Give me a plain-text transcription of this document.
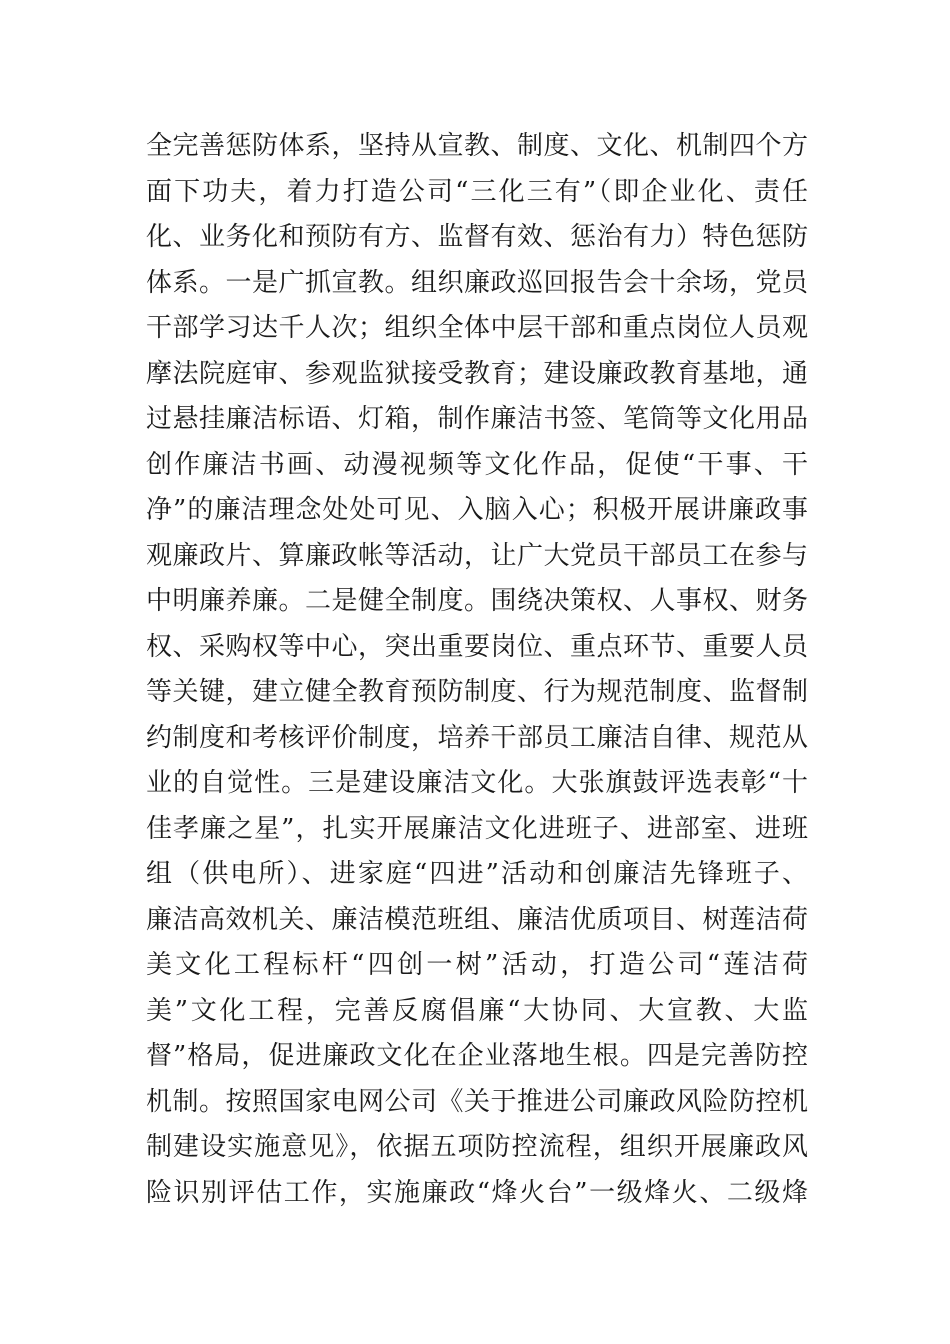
全完善惩防体系，坚持从宣教、制度、文化、机制四个方
面下功夫，着力打造公司“三化三有”（即企业化、责任
化、业务化和预防有方、监督有效、惩治有力）特色惩防
体系。一是广抓宣教。组织廉政巡回报告会十余场，党员
干部学习达千人次；组织全体中层干部和重点岗位人员观
摩法院庭审、参观监狱接受教育；建设廉政教育基地，通
过悬挂廉洁标语、灯箱，制作廉洁书签、笔筒等文化用品
创作廉洁书画、动漫视频等文化作品，促使“干事、干
净”的廉洁理念处处可见、入脑入心；积极开展讲廉政事
观廉政片、算廉政帐等活动，让广大党员干部员工在参与
中明廉养廉。二是健全制度。围绕决策权、人事权、财务
权、采购权等中心，突出重要岗位、重点环节、重要人员
等关键，建立健全教育预防制度、行为规范制度、监督制
约制度和考核评价制度，培养干部员工廉洁自律、规范从
业的自觉性。三是建设廉洁文化。大张旗鼓评选表彰“十
佳孝廉之星”，扎实开展廉洁文化进班子、进部室、进班
组（供电所）、进家庭“四进”活动和创廉洁先锋班子、
廉洁高效机关、廉洁模范班组、廉洁优质项目、树莲洁荷
美文化工程标杆“四创一树”活动，打造公司“莲洁荷
美”文化工程，完善反腐倡廉“大协同、大宣教、大监
督”格局，促进廉政文化在企业落地生根。四是完善防控
机制。按照国家电网公司《关于推进公司廉政风险防控机
制建设实施意见》，依据五项防控流程，组织开展廉政风
险识别评估工作，实施廉政“烽火台”一级烽火、二级烽
